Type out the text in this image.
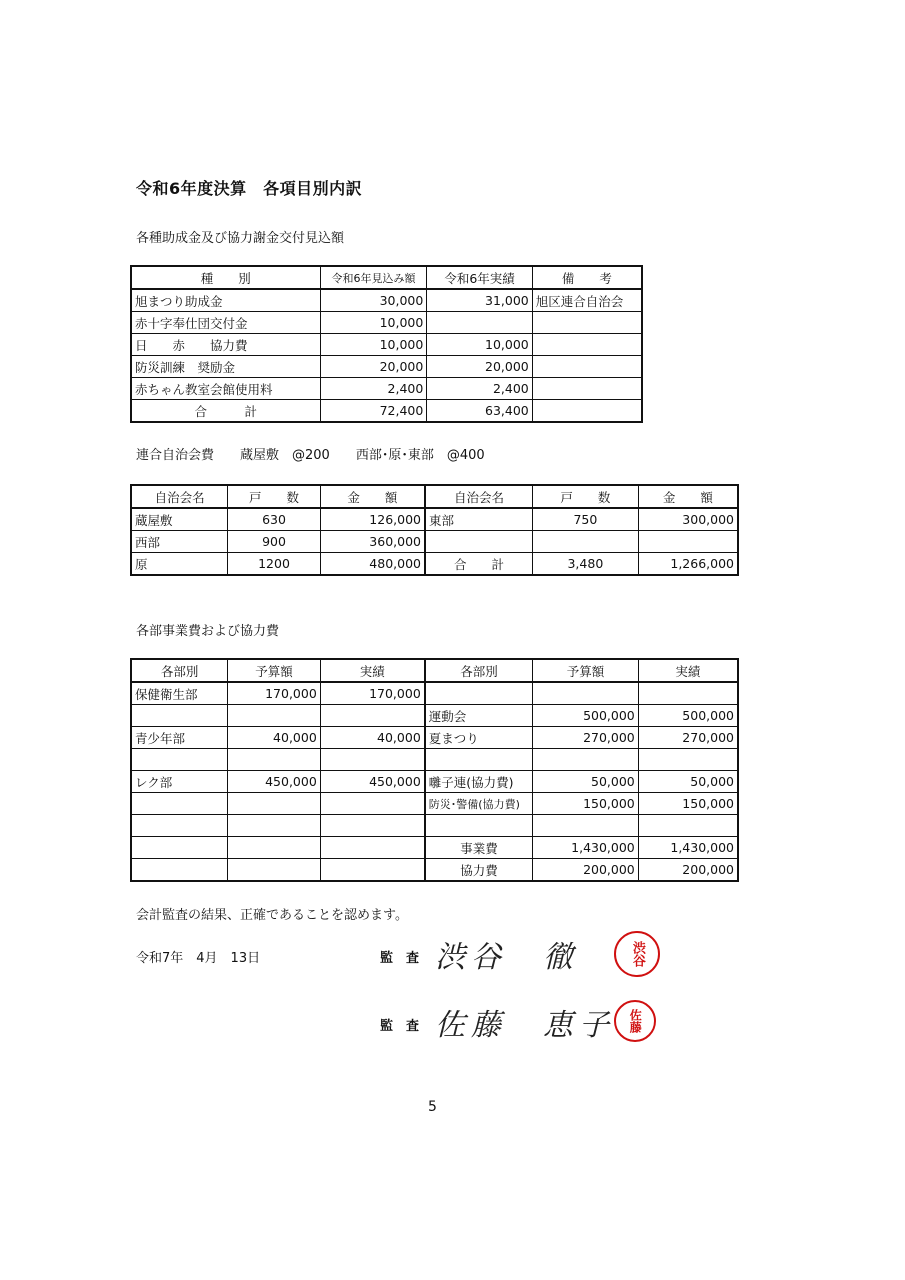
令和6年度決算　各項目別内訳
各種助成金及び協力謝金交付見込額
種　　別	令和6年見込み額	令和6年実績	備　　考
旭まつり助成金	30,000	31,000	旭区連合自治会
赤十字奉仕団交付金	10,000		
日　　赤　　協力費	10,000	10,000	
防災訓練　奨励金	20,000	20,000	
赤ちゃん教室会館使用料	2,400	2,400	
合　　　計	72,400	63,400	
連合自治会費　　蔵屋敷　@200　　西部･原･東部　@400
自治会名	戸　　数	金　　額	自治会名	戸　　数	金　　額
蔵屋敷	630	126,000	東部	750	300,000
西部	900	360,000			
原	1200	480,000	合　　計	3,480	1,266,000
各部事業費および協力費
各部別	予算額	実績	各部別	予算額	実績
保健衛生部	170,000	170,000			
			運動会	500,000	500,000
青少年部	40,000	40,000	夏まつり	270,000	270,000

レク部	450,000	450,000	囃子連(協力費)	50,000	50,000
			防災･警備(協力費)	150,000	150,000

			事業費	1,430,000	1,430,000
			協力費	200,000	200,000
会計監査の結果、正確であることを認めます。
令和7年　4月　13日	監　査 渋谷　徹	渋谷
監　査 佐藤　恵子 佐藤
5
